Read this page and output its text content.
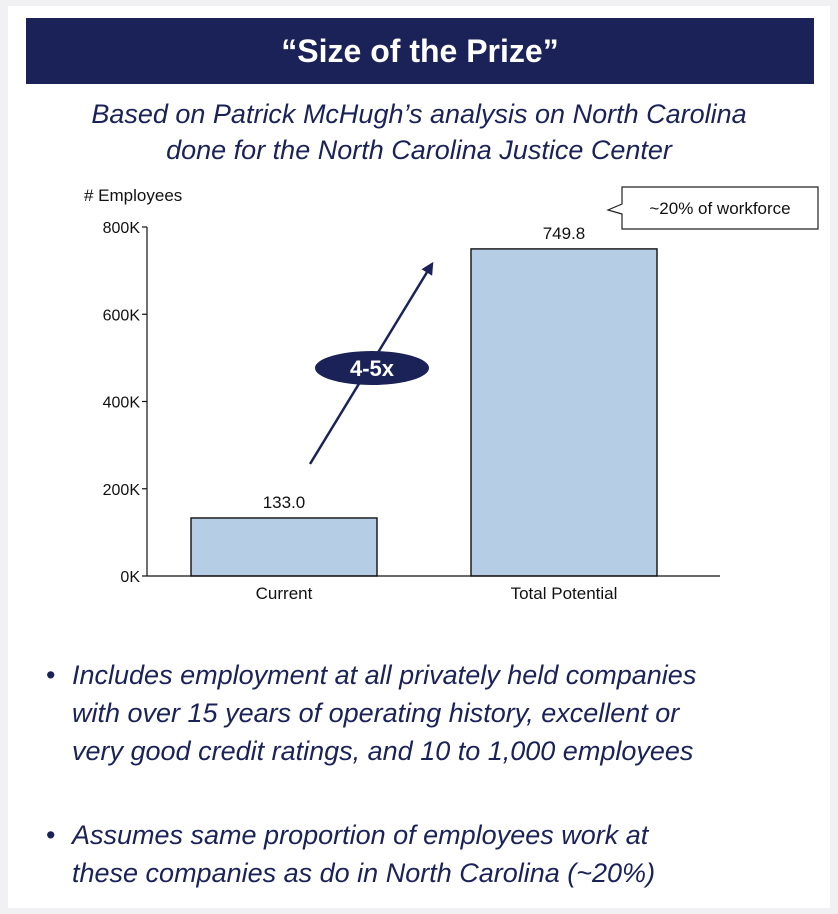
“Size of the Prize”
Based on Patrick McHugh’s analysis on North Carolina
done for the North Carolina Justice Center
# Employees
0K
200K
400K
600K
800K
133.0
Current
749.8
Total Potential
4-5x
~20% of workforce
• Includes employment at all privately held companies
with over 15 years of operating history, excellent or
very good credit ratings, and 10 to 1,000 employees
• Assumes same proportion of employees work at
these companies as do in North Carolina (~20%)
